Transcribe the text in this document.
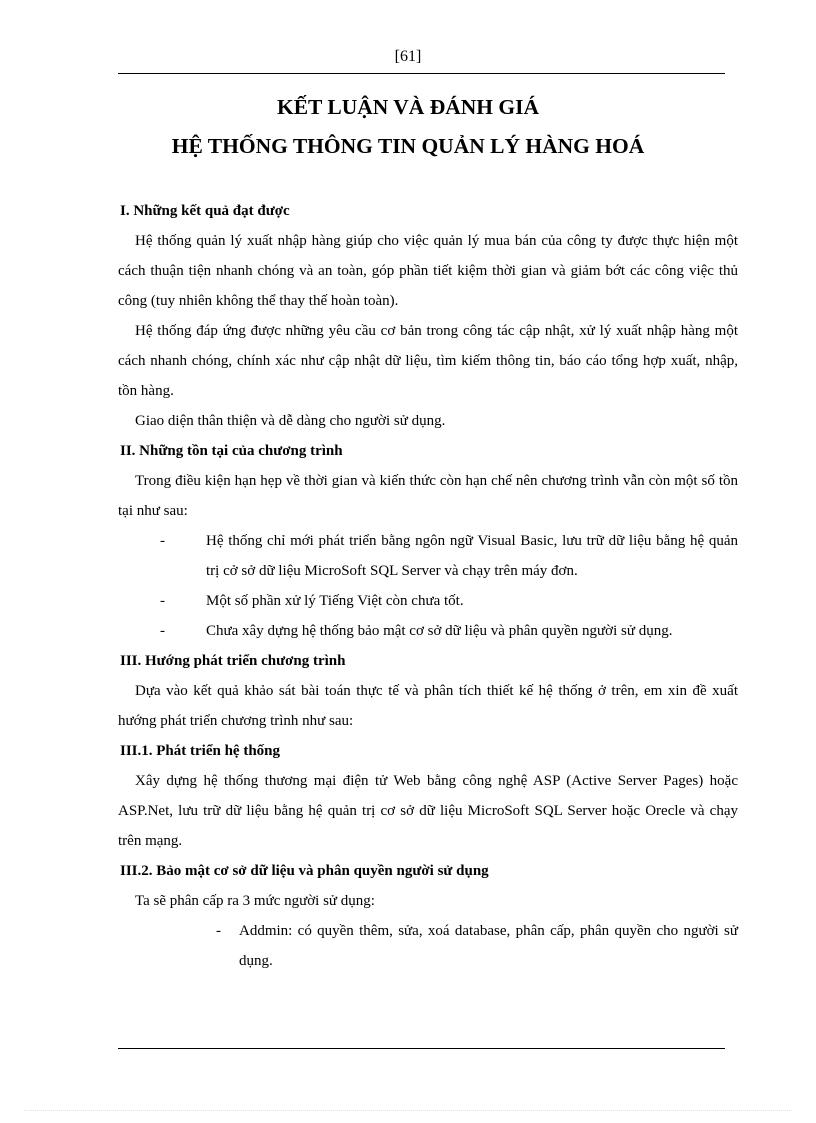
[61]
KẾT LUẬN VÀ ĐÁNH GIÁ
HỆ THỐNG THÔNG TIN QUẢN LÝ HÀNG HOÁ
I. Những kết quả đạt được
Hệ thống quản lý xuất nhập hàng giúp cho việc quản lý mua bán của công ty được thực hiện một cách thuận tiện nhanh chóng và an toàn, góp phần tiết kiệm thời gian và giảm bớt các công việc thủ công (tuy nhiên không thể thay thế hoàn toàn).
Hệ thống đáp ứng được những yêu cầu cơ bản trong công tác cập nhật, xử lý xuất nhập hàng một cách nhanh chóng, chính xác như cập nhật dữ liệu, tìm kiếm thông tin, báo cáo tổng hợp xuất, nhập, tồn hàng.
Giao diện thân thiện và dễ dàng cho người sử dụng.
II. Những tồn tại của chương trình
Trong điều kiện hạn hẹp về thời gian và kiến thức còn hạn chế nên chương trình vẫn còn một số tồn tại như sau:
-	Hệ thống chỉ mới phát triển bằng ngôn ngữ Visual Basic, lưu trữ dữ liệu bằng hệ quản trị cở sở dữ liệu MicroSoft SQL Server và chạy trên máy đơn.
-	Một số phần xử lý Tiếng Việt còn chưa tốt.
-	Chưa xây dựng hệ thống bảo mật cơ sở dữ liệu và phân quyền người sử dụng.
III. Hướng phát triển chương trình
Dựa vào kết quả khảo sát bài toán thực tế và phân tích thiết kế hệ thống ở trên, em xin đề xuất hướng phát triển chương trình như sau:
III.1. Phát triển hệ thống
Xây dựng hệ thống thương mại điện tử Web bằng công nghệ ASP (Active Server Pages) hoặc ASP.Net, lưu trữ dữ liệu bằng hệ quản trị cơ sở dữ liệu MicroSoft SQL Server hoặc Orecle và chạy trên mạng.
III.2. Bảo mật cơ sở dữ liệu và phân quyền người sử dụng
Ta sẽ phân cấp ra 3 mức người sử dụng:
-	Addmin: có quyền thêm, sửa, xoá database, phân cấp, phân quyền cho người sử dụng.
